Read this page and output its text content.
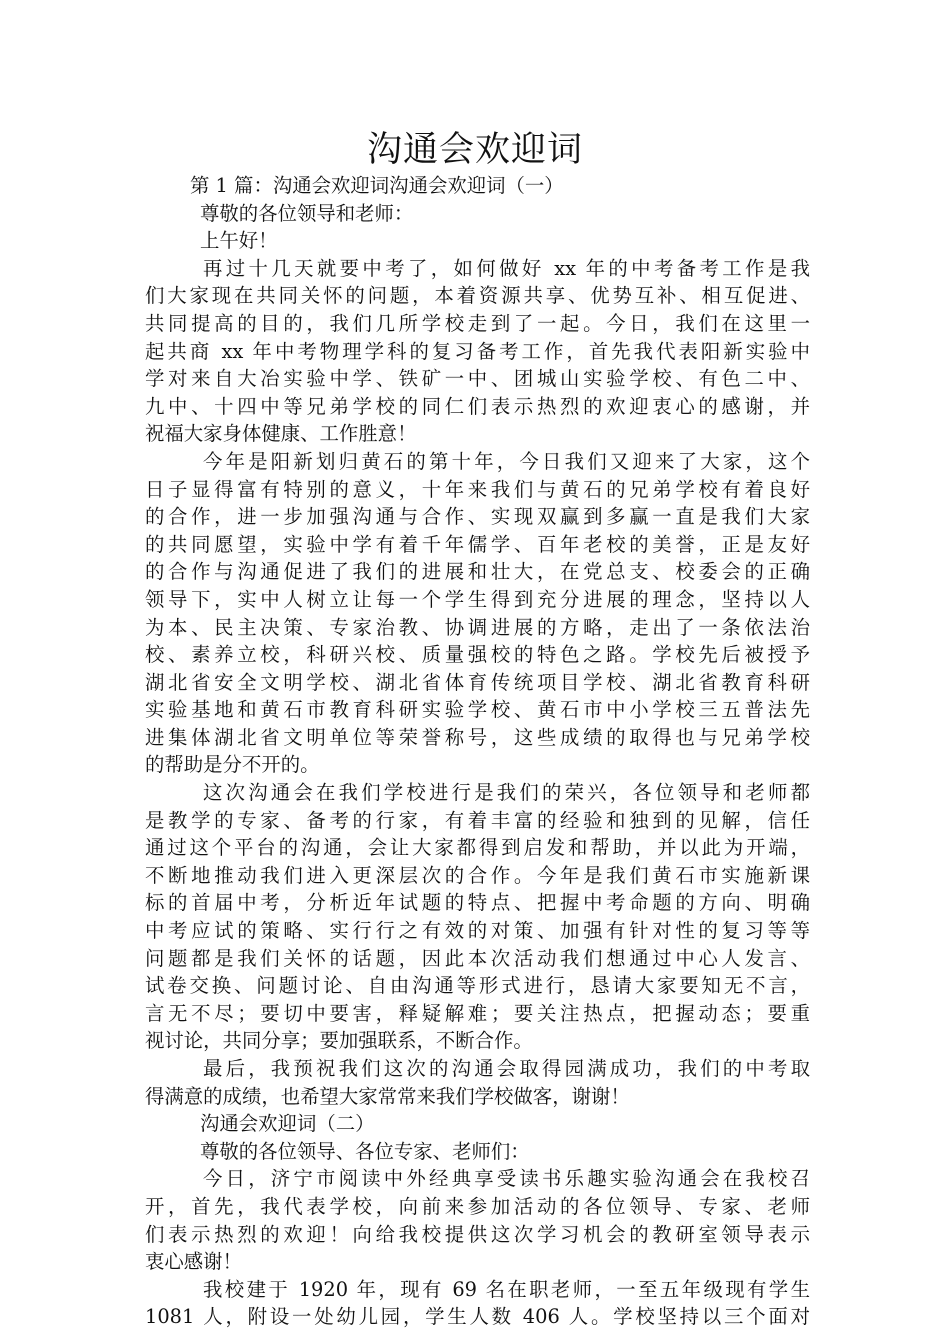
沟通会欢迎词
第 1 篇：沟通会欢迎词沟通会欢迎词（一）
尊敬的各位领导和老师：
上午好！
再过十几天就要中考了，如何做好 xx 年的中考备考工作是我
们大家现在共同关怀的问题，本着资源共享、优势互补、相互促进、
共同提高的目的，我们几所学校走到了一起。今日，我们在这里一
起共商 xx 年中考物理学科的复习备考工作，首先我代表阳新实验中
学对来自大冶实验中学、铁矿一中、团城山实验学校、有色二中、
九中、十四中等兄弟学校的同仁们表示热烈的欢迎衷心的感谢，并
祝福大家身体健康、工作胜意！
今年是阳新划归黄石的第十年，今日我们又迎来了大家，这个
日子显得富有特别的意义，十年来我们与黄石的兄弟学校有着良好
的合作，进一步加强沟通与合作、实现双赢到多赢一直是我们大家
的共同愿望，实验中学有着千年儒学、百年老校的美誉，正是友好
的合作与沟通促进了我们的进展和壮大，在党总支、校委会的正确
领导下，实中人树立让每一个学生得到充分进展的理念，坚持以人
为本、民主决策、专家治教、协调进展的方略，走出了一条依法治
校、素养立校，科研兴校、质量强校的特色之路。学校先后被授予
湖北省安全文明学校、湖北省体育传统项目学校、湖北省教育科研
实验基地和黄石市教育科研实验学校、黄石市中小学校三五普法先
进集体湖北省文明单位等荣誉称号，这些成绩的取得也与兄弟学校
的帮助是分不开的。
这次沟通会在我们学校进行是我们的荣兴，各位领导和老师都
是教学的专家、备考的行家，有着丰富的经验和独到的见解，信任
通过这个平台的沟通，会让大家都得到启发和帮助，并以此为开端，
不断地推动我们进入更深层次的合作。今年是我们黄石市实施新课
标的首届中考，分析近年试题的特点、把握中考命题的方向、明确
中考应试的策略、实行行之有效的对策、加强有针对性的复习等等
问题都是我们关怀的话题，因此本次活动我们想通过中心人发言、
试卷交换、问题讨论、自由沟通等形式进行，恳请大家要知无不言，
言无不尽；要切中要害，释疑解难；要关注热点，把握动态；要重
视讨论，共同分享；要加强联系，不断合作。
最后，我预祝我们这次的沟通会取得园满成功，我们的中考取
得满意的成绩，也希望大家常常来我们学校做客，谢谢！
沟通会欢迎词（二）
尊敬的各位领导、各位专家、老师们：
今日，济宁市阅读中外经典享受读书乐趣实验沟通会在我校召
开，首先，我代表学校，向前来参加活动的各位领导、专家、老师
们表示热烈的欢迎！向给我校提供这次学习机会的教研室领导表示
衷心感谢！
我校建于 1920 年，现有 69 名在职老师，一至五年级现有学生
1081 人，附设一处幼儿园，学生人数 406 人。学校坚持以三个面对
